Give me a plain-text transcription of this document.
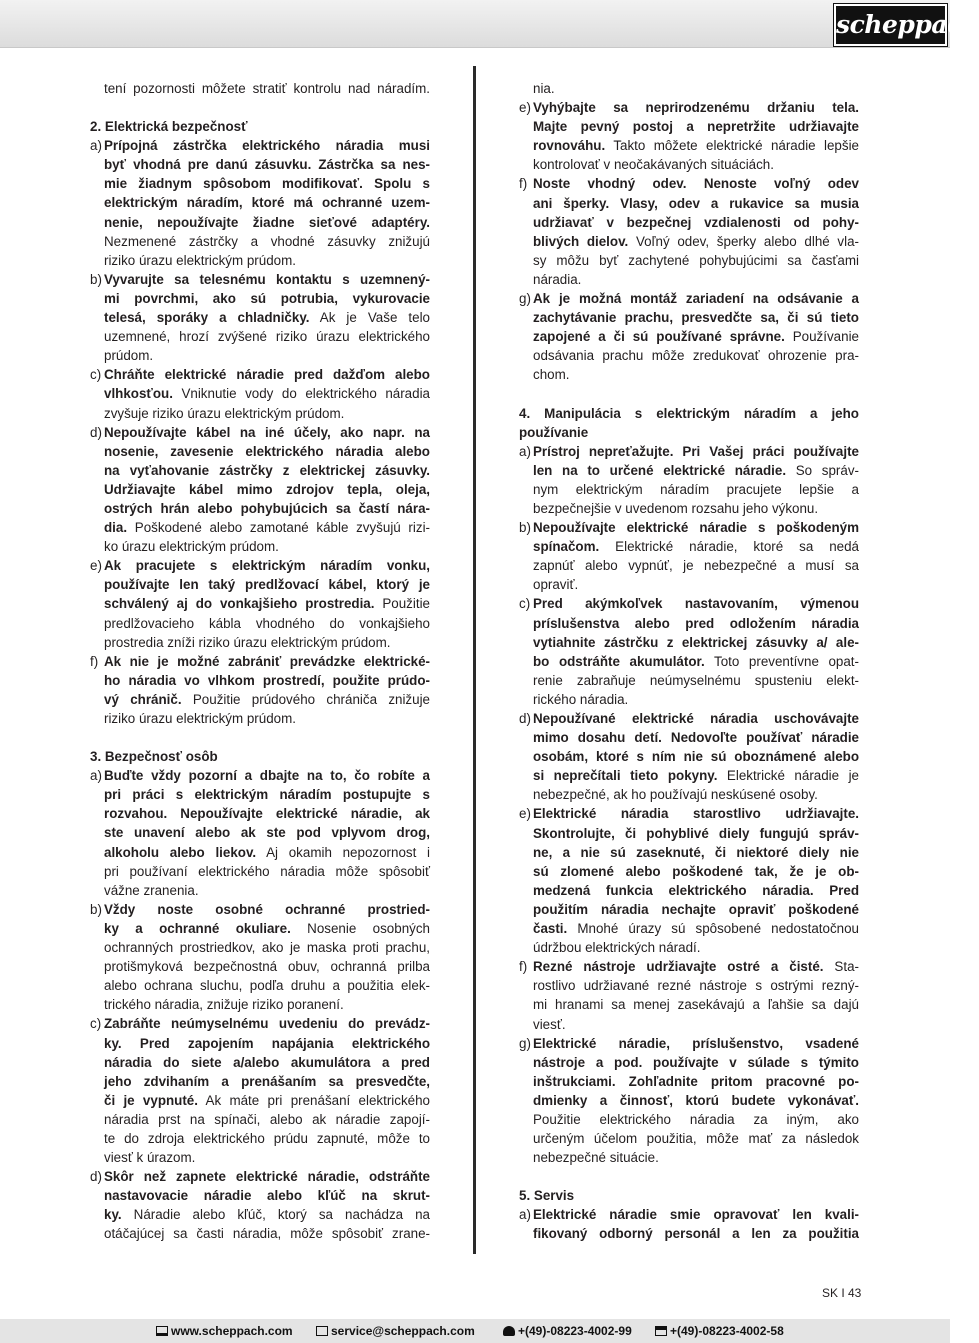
scheppach
tení pozornosti môžete stratiť kontrolu nad náradím.
2. Elektrická bezpečnosť
a) Prípojná zástrčka elektrického náradia musi
byť vhodná pre danú zásuvku. Zástrčka sa nes-
mie žiadnym spôsobom modifikovať. Spolu s
elektrickým náradím, ktoré má ochranné uzem-
nenie, nepoužívajte žiadne sieťové adaptéry.
Nezmenené zástrčky a vhodné zásuvky znižujú
riziko úrazu elektrickým prúdom.
b) Vyvarujte sa telesnému kontaktu s uzemnený-
mi povrchmi, ako sú potrubia, vykurovacie
telesá, sporáky a chladničky. Ak je Vaše telo
uzemnené, hrozí zvýšené riziko úrazu elektrického
prúdom.
c) Chráňte elektrické náradie pred dažďom alebo
vlhkosťou. Vniknutie vody do elektrického náradia
zvyšuje riziko úrazu elektrickým prúdom.
d) Nepoužívajte kábel na iné účely, ako napr. na
nosenie, zavesenie elektrického náradia alebo
na vyťahovanie zástrčky z elektrickej zásuvky.
Udržiavajte kábel mimo zdrojov tepla, oleja,
ostrých hrán alebo pohybujúcich sa častí nára-
dia. Poškodené alebo zamotané káble zvyšujú rizi-
ko úrazu elektrickým prúdom.
e) Ak pracujete s elektrickým náradím vonku,
používajte len taký predlžovací kábel, ktorý je
schválený aj do vonkajšieho prostredia. Použitie
predlžovacieho kábla vhodného do vonkajšieho
prostredia zníži riziko úrazu elektrickým prúdom.
f) Ak nie je možné zabrániť prevádzke elektrické-
ho náradia vo vlhkom prostredí, použite prúdo-
vý chránič. Použitie prúdového chrániča znižuje
riziko úrazu elektrickým prúdom.
3. Bezpečnosť osôb
a) Buďte vždy pozorní a dbajte na to, čo robíte a
pri práci s elektrickým náradím postupujte s
rozvahou. Nepoužívajte elektrické náradie, ak
ste unavení alebo ak ste pod vplyvom drog,
alkoholu alebo liekov. Aj okamih nepozornost i
pri používaní elektrického náradia môže spôsobiť
vážne zranenia.
b) Vždy noste osobné ochranné prostried-
ky a ochranné okuliare. Nosenie osobných
ochranných prostriedkov, ako je maska proti prachu,
protišmyková bezpečnostná obuv, ochranná prilba
alebo ochrana sluchu, podľa druhu a použitia elek-
trického náradia, znižuje riziko poranení.
c) Zabráňte neúmyselnému uvedeniu do prevádz-
ky. Pred zapojením napájania elektrického
náradia do siete a/alebo akumulátora a pred
jeho zdvihaním a prenášaním sa presvedčte,
či je vypnuté. Ak máte pri prenášaní elektrického
náradia prst na spínači, alebo ak náradie zapojí-
te do zdroja elektrického prúdu zapnuté, môže to
viesť k úrazom.
d) Skôr než zapnete elektrické náradie, odstráňte
nastavovacie náradie alebo kľúč na skrut-
ky. Náradie alebo kľúč, ktorý sa nachádza na
otáčajúcej sa časti náradia, môže spôsobiť zrane-
nia.
e) Vyhýbajte sa neprirodzenému držaniu tela.
Majte pevný postoj a nepretržite udržiavajte
rovnováhu. Takto môžete elektrické náradie lepšie
kontrolovať v neočakávaných situáciách.
f) Noste vhodný odev. Nenoste voľný odev
ani šperky. Vlasy, odev a rukavice sa musia
udržiavať v bezpečnej vzdialenosti od pohy-
blivých dielov. Voľný odev, šperky alebo dlhé vla-
sy môžu byť zachytené pohybujúcimi sa časťami
náradia.
g) Ak je možná montáž zariadení na odsávanie a
zachytávanie prachu, presvedčte sa, či sú tieto
zapojené a či sú používané správne. Používanie
odsávania prachu môže zredukovať ohrozenie pra-
chom.
4. Manipulácia s elektrickým náradím a jeho
používanie
a) Prístroj nepreťažujte. Pri Vašej práci používajte
len na to určené elektrické náradie. So správ-
nym elektrickým náradím pracujete lepšie a
bezpečnejšie v uvedenom rozsahu jeho výkonu.
b) Nepoužívajte elektrické náradie s poškodeným
spínačom. Elektrické náradie, ktoré sa nedá
zapnúť alebo vypnúť, je nebezpečné a musí sa
opraviť.
c) Pred akýmkoľvek nastavovaním, výmenou
príslušenstva alebo pred odložením náradia
vytiahnite zástrčku z elektrickej zásuvky a/ ale-
bo odstráňte akumulátor. Toto preventívne opat-
renie zabraňuje neúmyselnému spusteniu elekt-
rického náradia.
d) Nepoužívané elektrické náradia uschovávajte
mimo dosahu detí. Nedovoľte používať náradie
osobám, ktoré s ním nie sú oboznámené alebo
si neprečítali tieto pokyny. Elektrické náradie je
nebezpečné, ak ho používajú neskúsené osoby.
e) Elektrické náradia starostlivo udržiavajte.
Skontrolujte, či pohyblivé diely fungujú správ-
ne, a nie sú zaseknuté, či niektoré diely nie
sú zlomené alebo poškodené tak, že je ob-
medzená funkcia elektrického náradia. Pred
použitím náradia nechajte opraviť poškodené
časti. Mnohé úrazy sú spôsobené nedostatočnou
údržbou elektrických náradí.
f) Rezné nástroje udržiavajte ostré a čisté. Sta-
rostlivo udržiavané rezné nástroje s ostrými rezný-
mi hranami sa menej zasekávajú a ľahšie sa dajú
viesť.
g) Elektrické náradie, príslušenstvo, vsadené
nástroje a pod. používajte v súlade s týmito
inštrukciami. Zohľadnite pritom pracovné po-
dmienky a činnosť, ktorú budete vykonávať.
Použitie elektrického náradia za iným, ako
určeným účelom použitia, môže mať za následok
nebezpečné situácie.
5. Servis
a) Elektrické náradie smie opravovať len kvali-
fikovaný odborný personál a len za použitia
SK I 43
www.scheppach.com	service@scheppach.com	+(49)-08223-4002-99	+(49)-08223-4002-58
